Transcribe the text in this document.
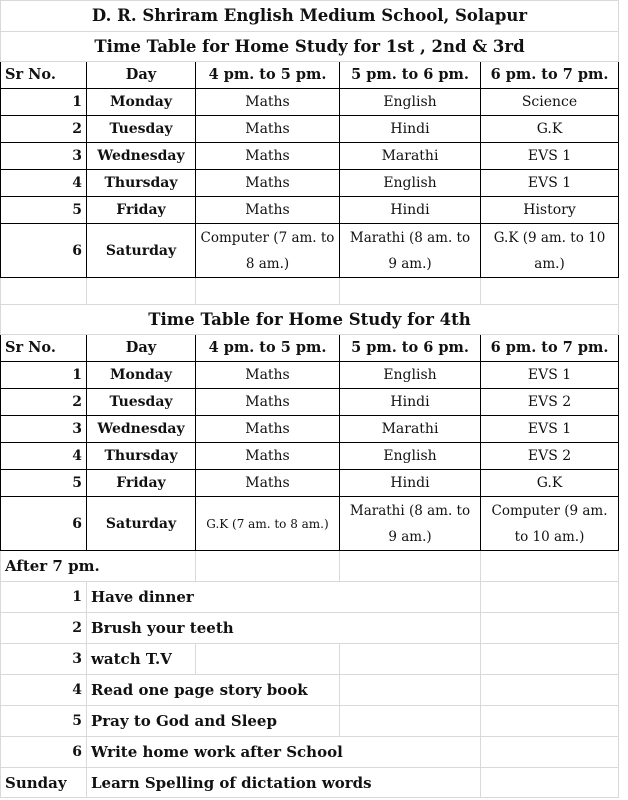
D. R. Shriram English Medium School, Solapur				
Time Table for Home Study for 1st , 2nd & 3rd				
Sr No.	Day	4 pm. to 5 pm.	5 pm. to 6 pm.	6 pm. to 7 pm.
1	Monday	Maths	English	Science
2	Tuesday	Maths	Hindi	G.K
3	Wednesday	Maths	Marathi	EVS 1
4	Thursday	Maths	English	EVS 1
5	Friday	Maths	Hindi	History
6	Saturday	Computer (7 am. to 8 am.)	Marathi (8 am. to 9 am.)	G.K (9 am. to 10 am.)

Time Table for Home Study for 4th				
Sr No.	Day	4 pm. to 5 pm.	5 pm. to 6 pm.	6 pm. to 7 pm.
1	Monday	Maths	English	EVS 1
2	Tuesday	Maths	Hindi	EVS 2
3	Wednesday	Maths	Marathi	EVS 1
4	Thursday	Maths	English	EVS 2
5	Friday	Maths	Hindi	G.K
6	Saturday	G.K (7 am. to 8 am.)	Marathi (8 am. to 9 am.)	Computer (9 am. to 10 am.)
After 7 pm.				
1	Have dinner			
2	Brush your teeth			
3	watch T.V			
4	Read one page story book			
5	Pray to God and Sleep			
6	Write home work after School			
Sunday	Learn Spelling of dictation words			
